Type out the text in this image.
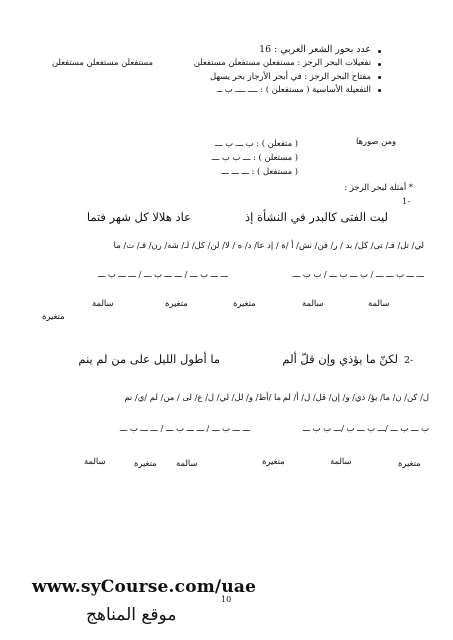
عدد بحور الشعر العربي : 16
تفعيلات البحر الرجز : مستفعلن مستفعلن مستفعلن
مستفعلن مستفعلن مستفعلن
مفتاح البحر الرجز : في أبحر الأرجاز بحر يسهل
التفعيلة الأساسية ( مستفعلن ) : ــــ ــــ ب ــ
ومن صورها
( متفعلن ) : ب ـــ ب ـــ
( مستعلن ) : ـــ ب ب ـــ
( مستفعل ) : ـــ ـــ ـــ
* أمثلة لبحر الرجز :
1-
ليت الفتى كالبدر في النشأة إذ
عاد هلالا كل شهر فتما
لي/ تل/ فـ/ تى/ كل/ بد / ر/ فن/ نش/ أ /ة / إذ عا/ د/ ه / لا/ لن/ كل/ لـ/ شه/ رن/ فـ/ ت/ ما
ـــ ـــ ب ـــ ـــ / ب ـــ ب ـــ / ب ب ـــ
ـــ ـــ ب ـــ / ـــ ـــ ب ـــ / ـــ ـــ ب ـــ
سالمة
سالمة
متغيرة
متغيرة
سالمة
متغيرة
2-
لكنّ ما يؤذي وإن قلّ ألم
ما أطول الليل على من لم ينم
ل/ كن/ ن/ ما/ يؤ/ ذي/ و/ إن/ قل/ ل/ أ/ لم
ما /أط/ و/ لل/ لي/ ل/ ع/ لى / من/ لم /ي/ نم
ب ـــ ب ـــ /ـــ ب ـــ ب /ـــ ب ب ـــ
ـــ ـــ ب ـــ / ـــ ـــ ب ـــ / ـــ ـــ ب ـــ
متغيرة
سالمة
متغيرة
سالمة
متغيرة
سالمة
www.syCourse.com/uae
10
موقع المناهج
